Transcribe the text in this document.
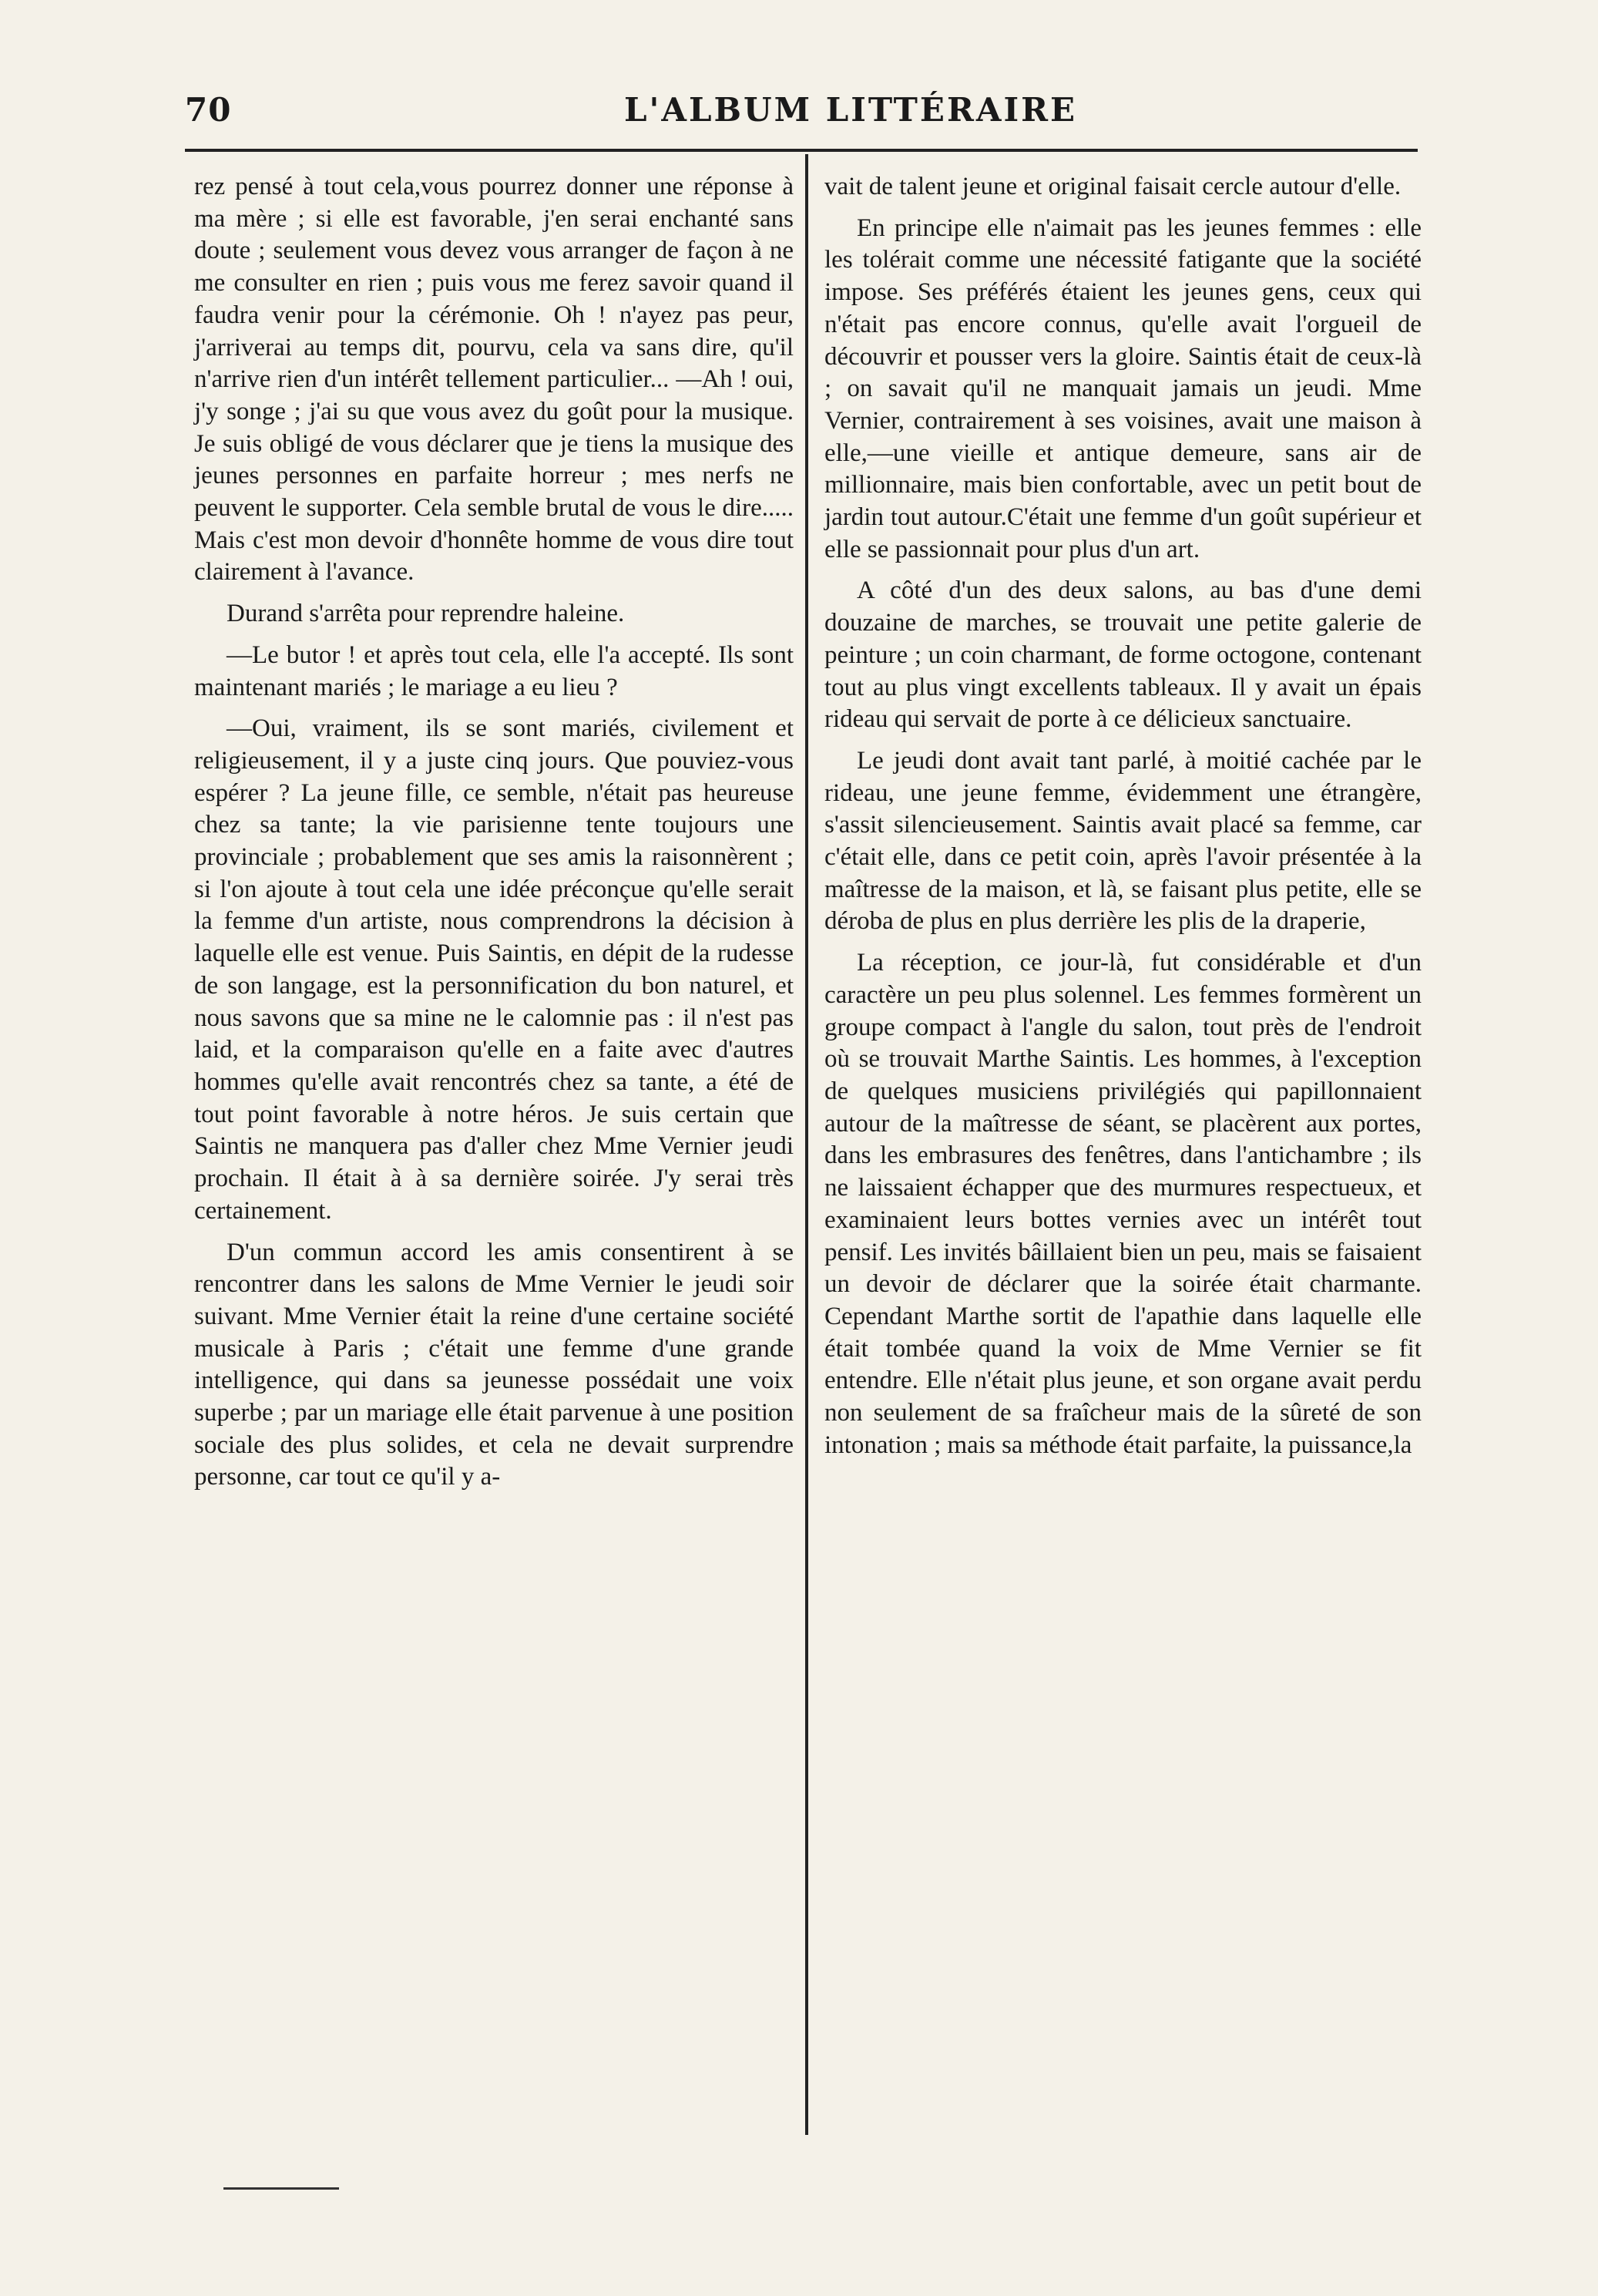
70	L'ALBUM LITTÉRAIRE

rez pensé à tout cela,vous pourrez donner une réponse à ma mère ; si elle est favorable, j'en serai enchanté sans doute ; seulement vous devez vous arranger de façon à ne me consulter en rien ; puis vous me ferez savoir quand il faudra venir pour la cérémonie. Oh ! n'ayez pas peur, j'arriverai au temps dit, pourvu, cela va sans dire, qu'il n'arrive rien d'un intérêt tellement particulier... —Ah ! oui, j'y songe ; j'ai su que vous avez du goût pour la musique. Je suis obligé de vous déclarer que je tiens la musique des jeunes personnes en parfaite horreur ; mes nerfs ne peuvent le supporter. Cela semble brutal de vous le dire..... Mais c'est mon devoir d'honnête homme de vous dire tout clairement à l'avance.

Durand s'arrêta pour reprendre haleine.

—Le butor ! et après tout cela, elle l'a accepté. Ils sont maintenant mariés ; le mariage a eu lieu ?

—Oui, vraiment, ils se sont mariés, civilement et religieusement, il y a juste cinq jours. Que pouviez-vous espérer ? La jeune fille, ce semble, n'était pas heureuse chez sa tante; la vie parisienne tente toujours une provinciale ; probablement que ses amis la raisonnèrent ; si l'on ajoute à tout cela une idée préconçue qu'elle serait la femme d'un artiste, nous comprendrons la décision à laquelle elle est venue. Puis Saintis, en dépit de la rudesse de son langage, est la personnification du bon naturel, et nous savons que sa mine ne le calomnie pas : il n'est pas laid, et la comparaison qu'elle en a faite avec d'autres hommes qu'elle avait rencontrés chez sa tante, a été de tout point favorable à notre héros. Je suis certain que Saintis ne manquera pas d'aller chez Mme Vernier jeudi prochain. Il était à à sa dernière soirée. J'y serai très certainement.

D'un commun accord les amis consentirent à se rencontrer dans les salons de Mme Vernier le jeudi soir suivant. Mme Vernier était la reine d'une certaine société musicale à Paris ; c'était une femme d'une grande intelligence, qui dans sa jeunesse possédait une voix superbe ; par un mariage elle était parvenue à une position sociale des plus solides, et cela ne devait surprendre personne, car tout ce qu'il y a-

vait de talent jeune et original faisait cercle autour d'elle.

En principe elle n'aimait pas les jeunes femmes : elle les tolérait comme une nécessité fatigante que la société impose. Ses préférés étaient les jeunes gens, ceux qui n'était pas encore connus, qu'elle avait l'orgueil de découvrir et pousser vers la gloire. Saintis était de ceux-là ; on savait qu'il ne manquait jamais un jeudi. Mme Vernier, contrairement à ses voisines, avait une maison à elle,—une vieille et antique demeure, sans air de millionnaire, mais bien confortable, avec un petit bout de jardin tout autour.C'était une femme d'un goût supérieur et elle se passionnait pour plus d'un art.

A côté d'un des deux salons, au bas d'une demi douzaine de marches, se trouvait une petite galerie de peinture ; un coin charmant, de forme octogone, contenant tout au plus vingt excellents tableaux. Il y avait un épais rideau qui servait de porte à ce délicieux sanctuaire.

Le jeudi dont avait tant parlé, à moitié cachée par le rideau, une jeune femme, évidemment une étrangère, s'assit silencieusement. Saintis avait placé sa femme, car c'était elle, dans ce petit coin, après l'avoir présentée à la maîtresse de la maison, et là, se faisant plus petite, elle se déroba de plus en plus derrière les plis de la draperie,

La réception, ce jour-là, fut considérable et d'un caractère un peu plus solennel. Les femmes formèrent un groupe compact à l'angle du salon, tout près de l'endroit où se trouvait Marthe Saintis. Les hommes, à l'exception de quelques musiciens privilégiés qui papillonnaient autour de la maîtresse de séant, se placèrent aux portes, dans les embrasures des fenêtres, dans l'antichambre ; ils ne laissaient échapper que des murmures respectueux, et examinaient leurs bottes vernies avec un intérêt tout pensif. Les invités bâillaient bien un peu, mais se faisaient un devoir de déclarer que la soirée était charmante. Cependant Marthe sortit de l'apathie dans laquelle elle était tombée quand la voix de Mme Vernier se fit entendre. Elle n'était plus jeune, et son organe avait perdu non seulement de sa fraîcheur mais de la sûreté de son intonation ; mais sa méthode était parfaite, la puissance,la
